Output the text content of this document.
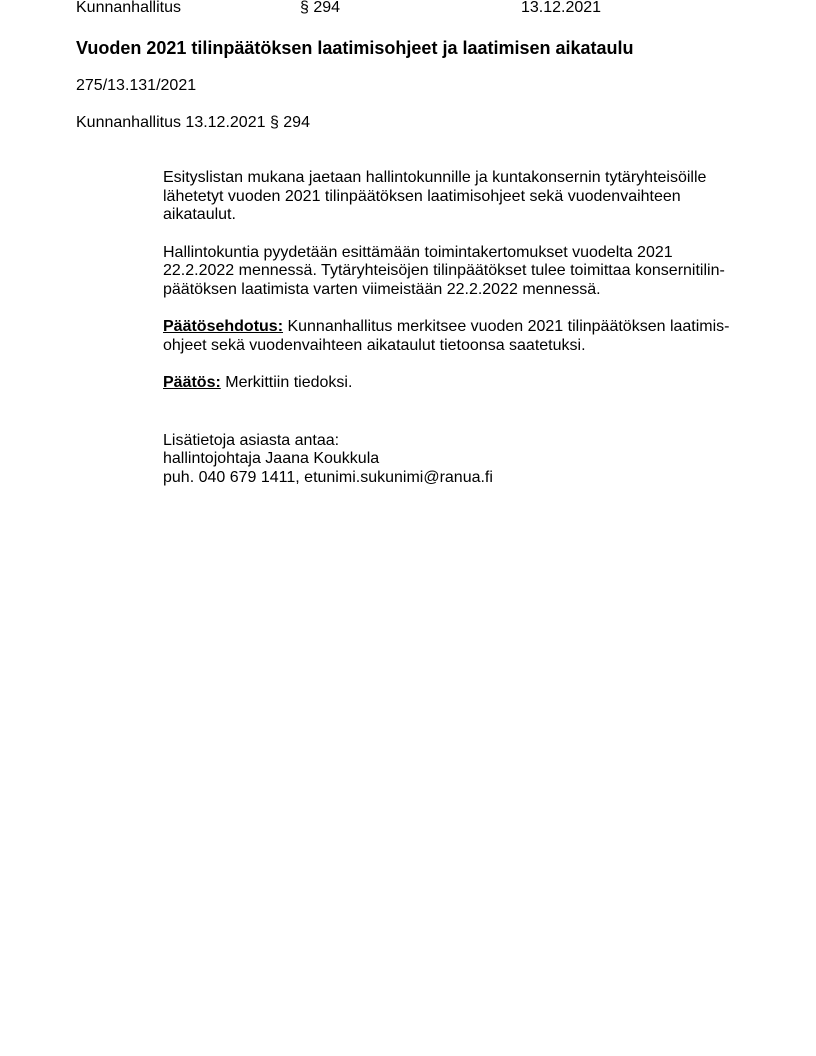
Kunnanhallitus	§ 294	13.12.2021
Vuoden 2021 tilinpäätöksen laatimisohjeet ja laatimisen aikataulu
275/13.131/2021
Kunnanhallitus 13.12.2021 § 294

Esityslistan mukana jaetaan hallintokunnille ja kuntakonsernin tytäryhteisöille
lähetetyt vuoden 2021 tilinpäätöksen laatimisohjeet sekä vuodenvaihteen
aikataulut.

Hallintokuntia pyydetään esittämään toimintakertomukset vuodelta 2021
22.2.2022 mennessä. Tytäryhteisöjen tilinpäätökset tulee toimittaa konsernitilin-
päätöksen laatimista varten viimeistään 22.2.2022 mennessä.

Päätösehdotus: Kunnanhallitus merkitsee vuoden 2021 tilinpäätöksen laatimis-
ohjeet sekä vuodenvaihteen aikataulut tietoonsa saatetuksi.

Päätös: Merkittiin tiedoksi.

Lisätietoja asiasta antaa:
hallintojohtaja Jaana Koukkula
puh. 040 679 1411, etunimi.sukunimi@ranua.fi
